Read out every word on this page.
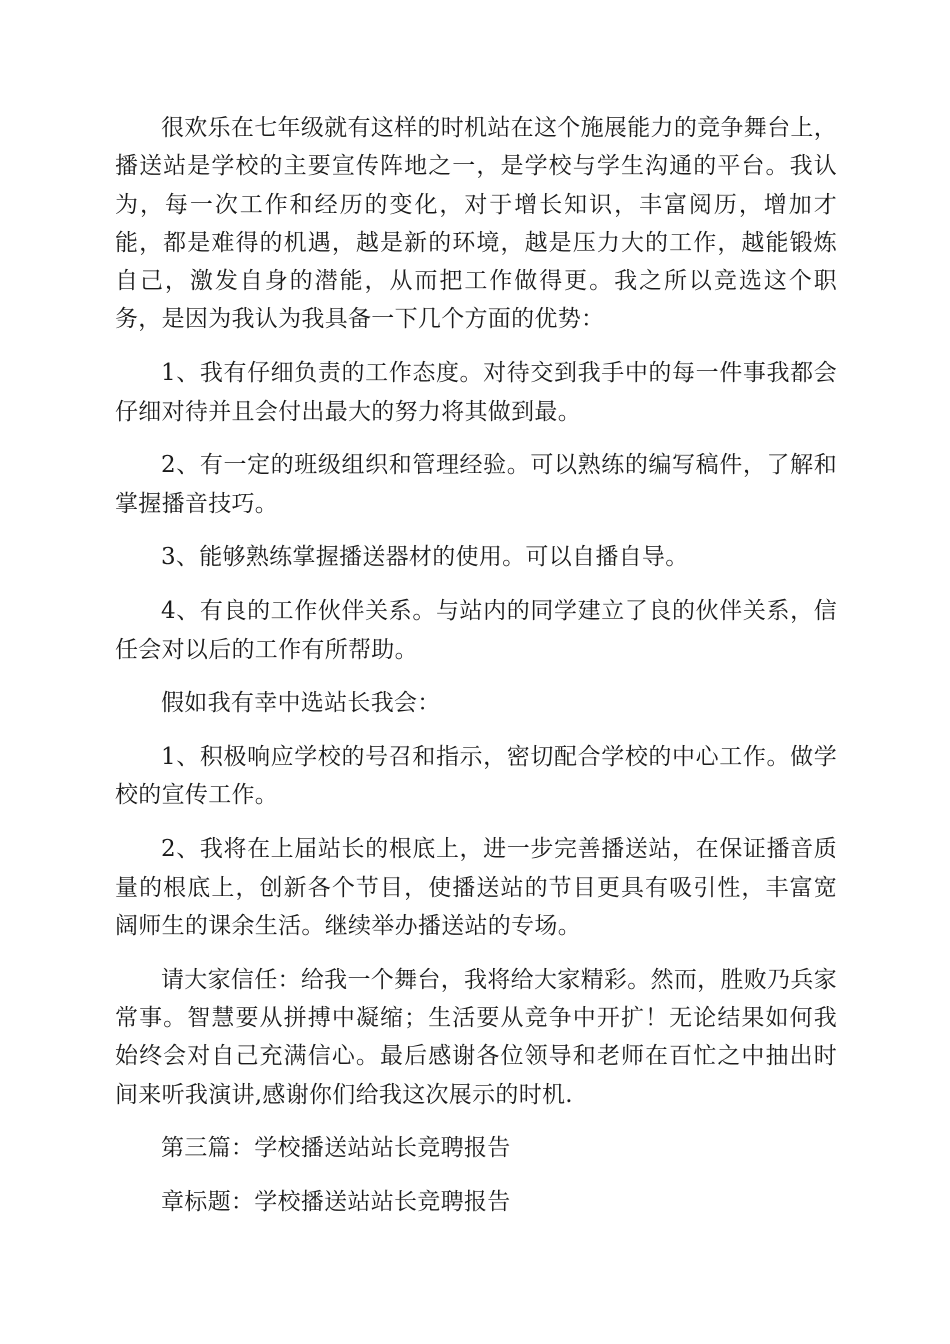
很欢乐在七年级就有这样的时机站在这个施展能力的竞争舞台上，播送站是学校的主要宣传阵地之一，是学校与学生沟通的平台。我认为，每一次工作和经历的变化，对于增长知识，丰富阅历，增加才能，都是难得的机遇，越是新的环境，越是压力大的工作，越能锻炼自己，激发自身的潜能，从而把工作做得更。我之所以竞选这个职务，是因为我认为我具备一下几个方面的优势：

1、我有仔细负责的工作态度。对待交到我手中的每一件事我都会仔细对待并且会付出最大的努力将其做到最。

2、有一定的班级组织和管理经验。可以熟练的编写稿件，了解和掌握播音技巧。

3、能够熟练掌握播送器材的使用。可以自播自导。

4、有良的工作伙伴关系。与站内的同学建立了良的伙伴关系，信任会对以后的工作有所帮助。

假如我有幸中选站长我会：

1、积极响应学校的号召和指示，密切配合学校的中心工作。做学校的宣传工作。

2、我将在上届站长的根底上，进一步完善播送站，在保证播音质量的根底上，创新各个节目，使播送站的节目更具有吸引性，丰富宽阔师生的课余生活。继续举办播送站的专场。

请大家信任：给我一个舞台，我将给大家精彩。然而，胜败乃兵家常事。智慧要从拼搏中凝缩；生活要从竞争中开扩！无论结果如何我始终会对自己充满信心。最后感谢各位领导和老师在百忙之中抽出时间来听我演讲,感谢你们给我这次展示的时机.

第三篇：学校播送站站长竞聘报告

章标题：学校播送站站长竞聘报告
